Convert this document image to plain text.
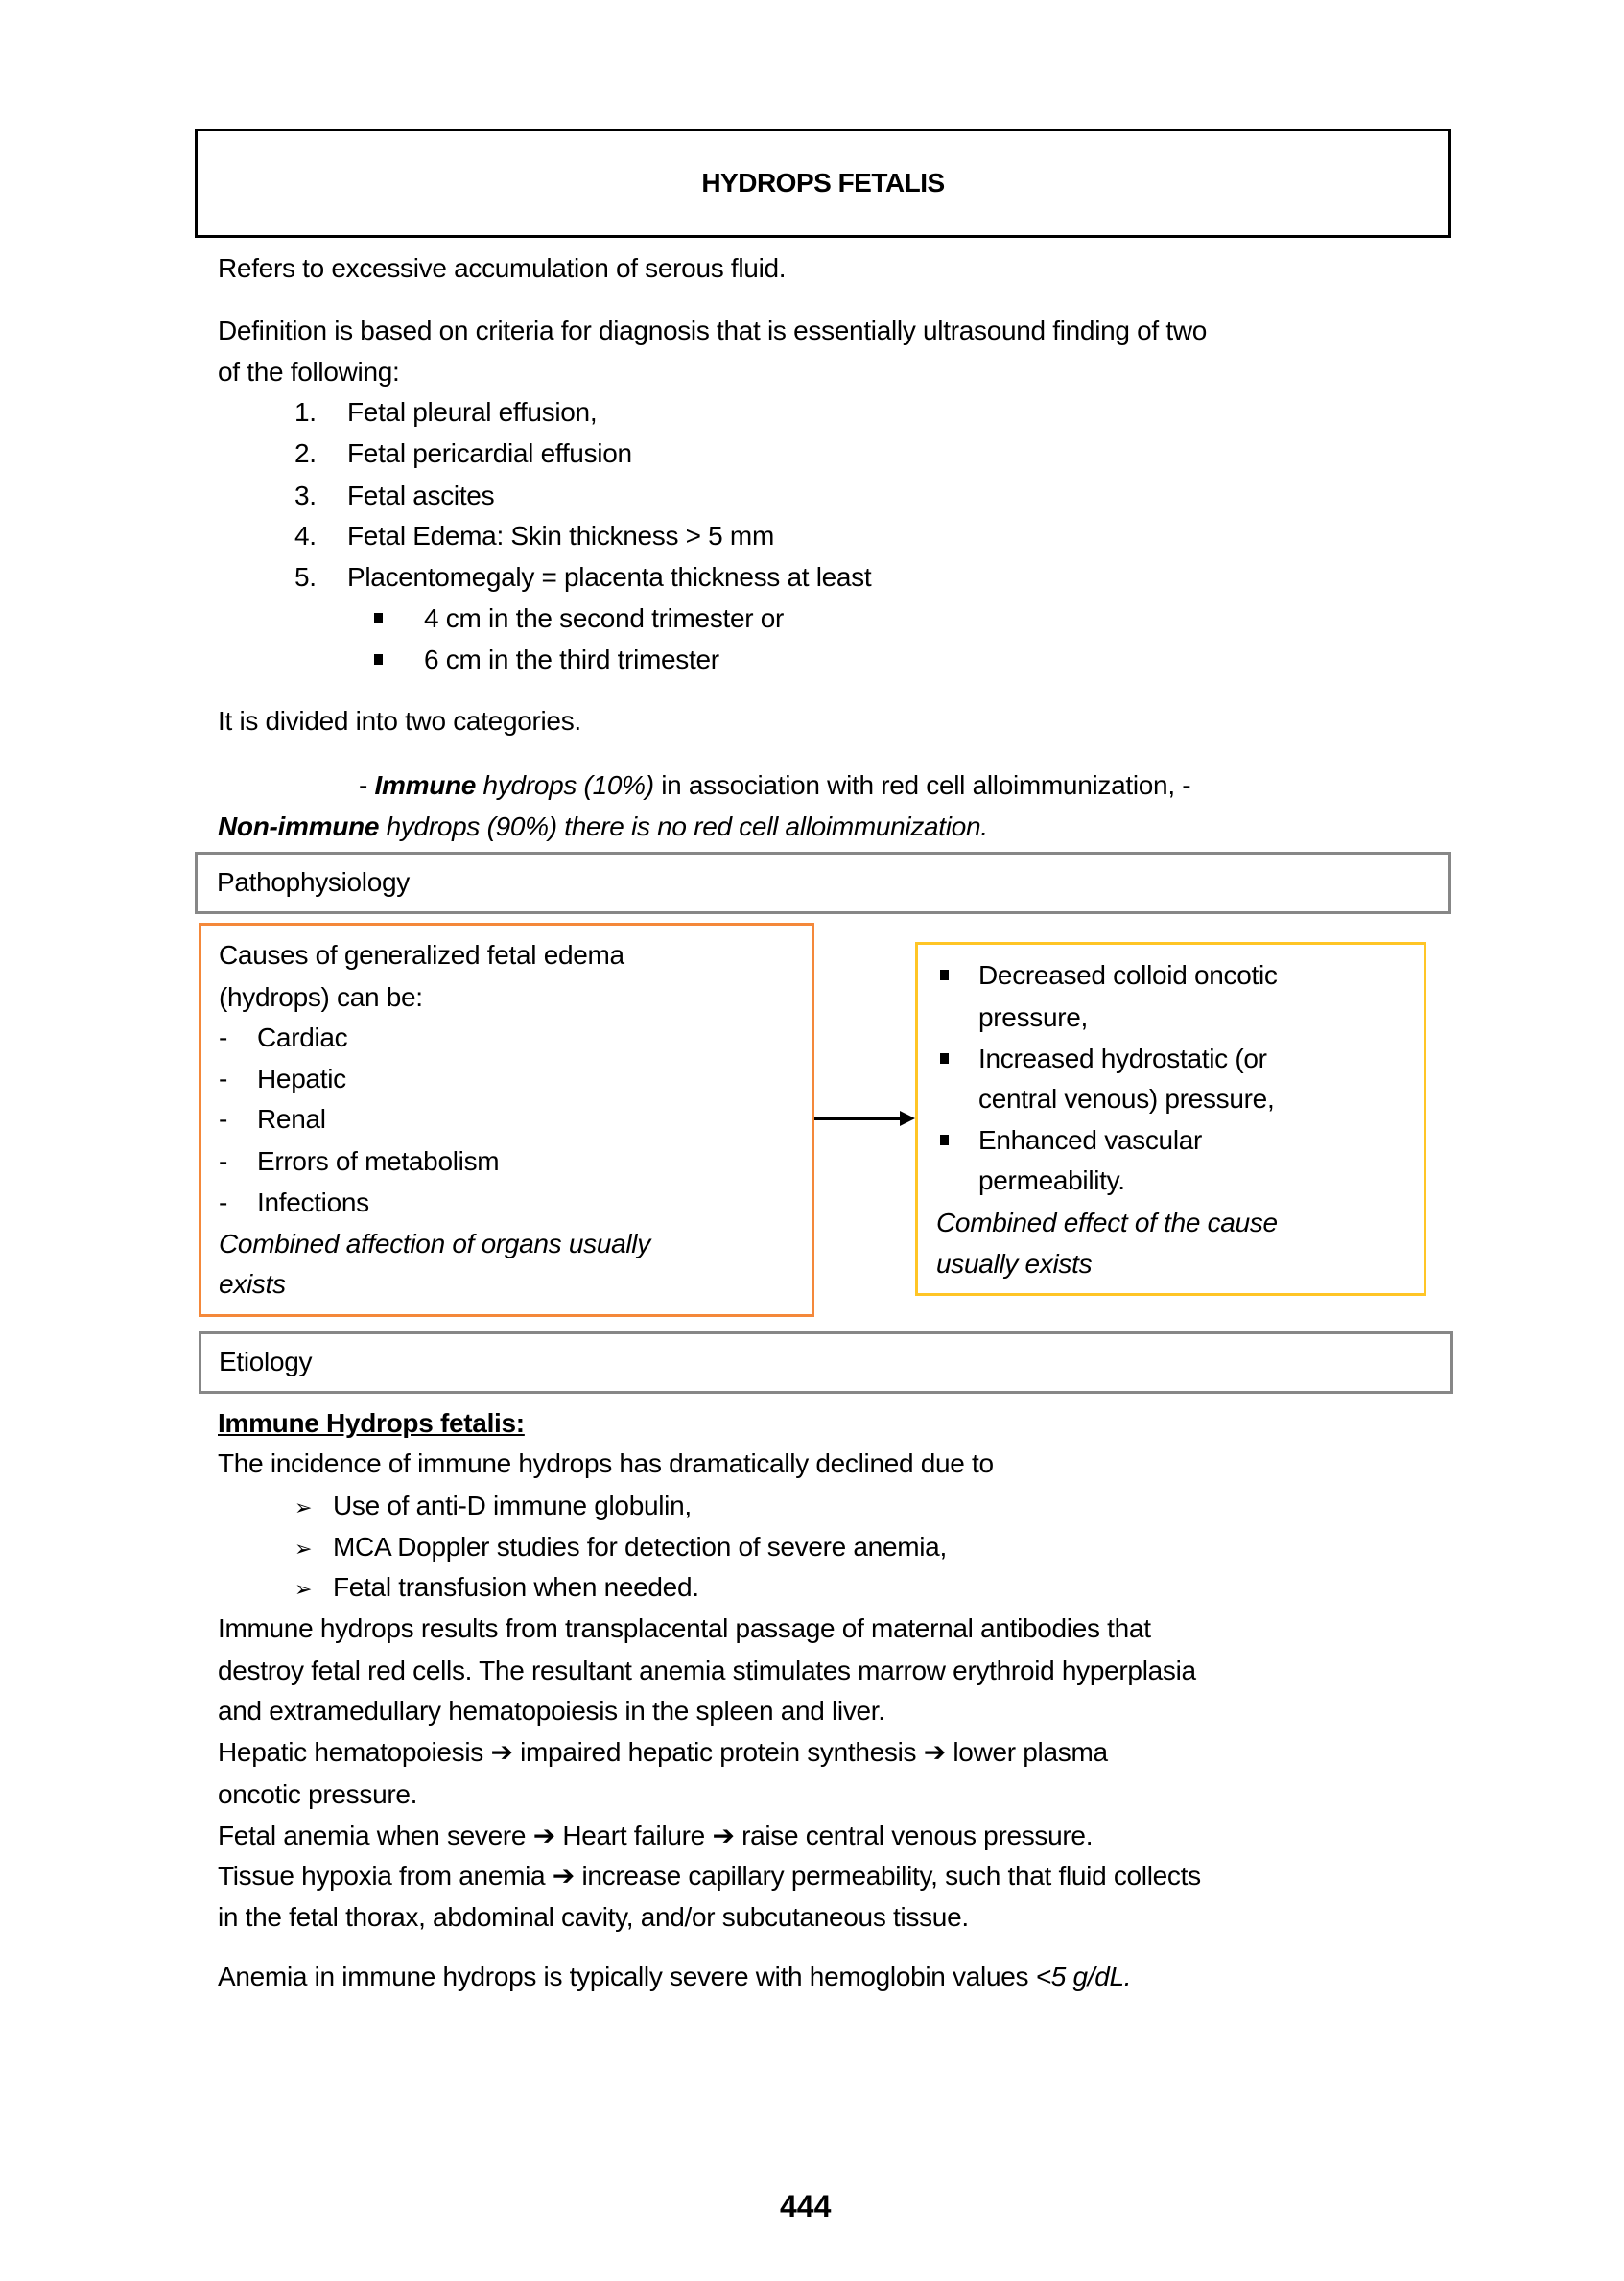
HYDROPS FETALIS
Refers to excessive accumulation of serous fluid.
Definition is based on criteria for diagnosis that is essentially ultrasound finding of two
of the following:
1. Fetal pleural effusion,
2. Fetal pericardial effusion
3. Fetal ascites
4. Fetal Edema: Skin thickness > 5 mm
5. Placentomegaly = placenta thickness at least
4 cm in the second trimester or
6 cm in the third trimester
It is divided into two categories.
- Immune hydrops (10%) in association with red cell alloimmunization, -
Non-immune hydrops (90%) there is no red cell alloimmunization.
Pathophysiology
Causes of generalized fetal edema
(hydrops) can be:
- Cardiac
- Hepatic
- Renal
- Errors of metabolism
- Infections
Combined affection of organs usually
exists
Decreased colloid oncotic
pressure,
Increased hydrostatic (or
central venous) pressure,
Enhanced vascular
permeability.
Combined effect of the cause
usually exists
Etiology
Immune Hydrops fetalis:
The incidence of immune hydrops has dramatically declined due to
➢ Use of anti-D immune globulin,
➢ MCA Doppler studies for detection of severe anemia,
➢ Fetal transfusion when needed.
Immune hydrops results from transplacental passage of maternal antibodies that
destroy fetal red cells. The resultant anemia stimulates marrow erythroid hyperplasia
and extramedullary hematopoiesis in the spleen and liver.
Hepatic hematopoiesis ➔ impaired hepatic protein synthesis ➔ lower plasma
oncotic pressure.
Fetal anemia when severe ➔ Heart failure ➔ raise central venous pressure.
Tissue hypoxia from anemia ➔ increase capillary permeability, such that fluid collects
in the fetal thorax, abdominal cavity, and/or subcutaneous tissue.
Anemia in immune hydrops is typically severe with hemoglobin values <5 g/dL.
444
